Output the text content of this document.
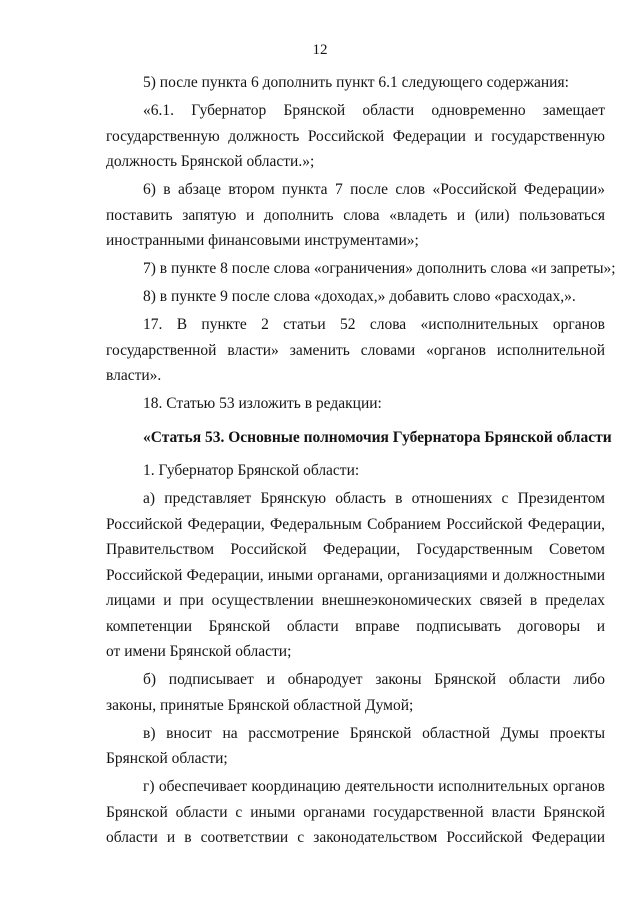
12

5) после пункта 6 дополнить пункт 6.1 следующего содержания:

«6.1. Губернатор Брянской области одновременно замещает
государственную должность Российской Федерации и государственную
должность Брянской области.»;

6) в абзаце втором пункта 7 после слов «Российской Федерации»
поставить запятую и дополнить слова «владеть и (или) пользоваться
иностранными финансовыми инструментами»;

7) в пункте 8 после слова «ограничения» дополнить слова «и запреты»;

8) в пункте 9 после слова «доходах,» добавить слово «расходах,».

17. В пункте 2 статьи 52 слова «исполнительных органов
государственной власти» заменить словами «органов исполнительной
власти».

18. Статью 53 изложить в редакции:

«Статья 53. Основные полномочия Губернатора Брянской области

1. Губернатор Брянской области:

а) представляет Брянскую область в отношениях с Президентом
Российской Федерации, Федеральным Собранием Российской Федерации,
Правительством Российской Федерации, Государственным Советом
Российской Федерации, иными органами, организациями и должностными
лицами и при осуществлении внешнеэкономических связей в пределах
компетенции Брянской области вправе подписывать договоры и
от имени Брянской области;

б) подписывает и обнародует законы Брянской области либо
законы, принятые Брянской областной Думой;

в) вносит на рассмотрение Брянской областной Думы проекты
Брянской области;

г) обеспечивает координацию деятельности исполнительных органов
Брянской области с иными органами государственной власти Брянской
области и в соответствии с законодательством Российской Федерации
